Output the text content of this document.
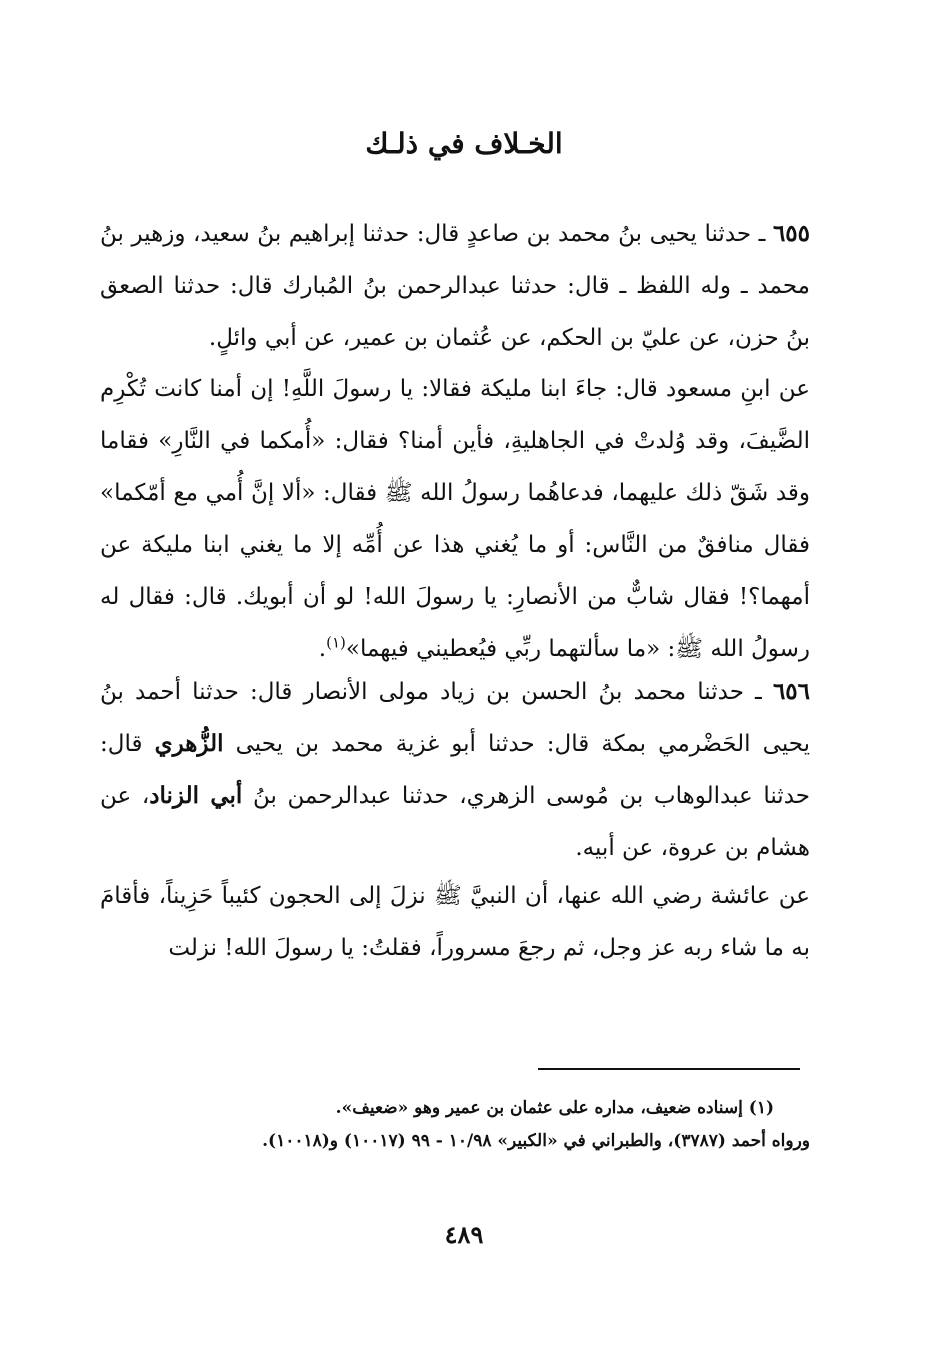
الخـلاف في ذلـك

٦٥٥ ـ حدثنا يحيى بنُ محمد بن صاعدٍ قال: حدثنا إبراهيم بنُ سعيد، وزهير بنُ محمد ـ وله اللفظ ـ قال: حدثنا عبدالرحمن بنُ المُبارك قال: حدثنا الصعق بنُ حزن، عن عليّ بن الحكم، عن عُثمان بن عمير، عن أبي وائلٍ.

عن ابنِ مسعود قال: جاءَ ابنا مليكة فقالا: يا رسولَ اللَّهِ! إن أمنا كانت تُكْرِم الضَّيفَ، وقد وُلدتْ في الجاهليةِ، فأين أمنا؟ فقال: «أُمكما في النَّارِ» فقاما وقد شَقّ ذلك عليهما، فدعاهُما رسولُ الله ﷺ فقال: «ألا إنَّ أُمي مع أمّكما» فقال منافقٌ من النَّاس: أو ما يُغني هذا عن أُمِّه إلا ما يغني ابنا مليكة عن أمهما؟! فقال شابٌّ من الأنصارِ: يا رسولَ الله! لو أن أبويك. قال: فقال له رسولُ الله ﷺ: «ما سألتهما ربِّي فيُعطيني فيهما»$^{(١)}$.

٦٥٦ ـ حدثنا محمد بنُ الحسن بن زياد مولى الأنصار قال: حدثنا أحمد بنُ يحيى الحَضْرمي بمكة قال: حدثنا أبو غزية محمد بن يحيى الزُّهري قال: حدثنا عبدالوهاب بن مُوسى الزهري، حدثنا عبدالرحمن بنُ أبي الزناد، عن هشام بن عروة، عن أبيه.

عن عائشة رضي الله عنها، أن النبيَّ ﷺ نزلَ إلى الحجون كئيباً حَزِيناً، فأقامَ به ما شاء ربه عز وجل، ثم رجعَ مسروراً، فقلتُ: يا رسولَ الله! نزلت

(١) إسناده ضعيف، مداره على عثمان بن عمير وهو «ضعيف».

ورواه أحمد (٣٧٨٧)، والطبراني في «الكبير» ١٠/٩٨ - ٩٩ (١٠٠١٧) و(١٠٠١٨).

٤٨٩
